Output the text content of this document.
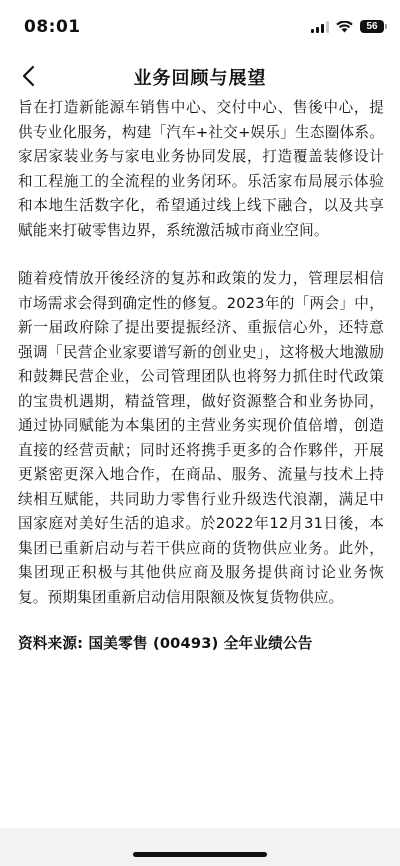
08:01	56
业务回顾与展望

旨在打造新能源车销售中心、交付中心、售後中心，提供专业化服务，构建「汽车+社交+娱乐」生态圈体系。家居家装业务与家电业务协同发展，打造覆盖装修设计和工程施工的全流程的业务闭环。乐活家布局展示体验和本地生活数字化，希望通过线上线下融合，以及共享赋能来打破零售边界，系统激活城市商业空间。

随着疫情放开後经济的复苏和政策的发力，管理层相信市场需求会得到确定性的修复。2023年的「两会」中，新一届政府除了提出要提振经济、重振信心外，还特意强调「民营企业家要谱写新的创业史」，这将极大地激励和鼓舞民营企业，公司管理团队也将努力抓住时代政策的宝贵机遇期，精益管理，做好资源整合和业务协同，通过协同赋能为本集团的主营业务实现价值倍增，创造直接的经营贡献；同时还将携手更多的合作夥伴，开展更紧密更深入地合作，在商品、服务、流量与技术上持续相互赋能，共同助力零售行业升级迭代浪潮，满足中国家庭对美好生活的追求。於2022年12月31日後，本集团已重新启动与若干供应商的货物供应业务。此外，集团现正积极与其他供应商及服务提供商讨论业务恢复。预期集团重新启动信用限额及恢复货物供应。

资料来源: 国美零售 (00493) 全年业绩公告
